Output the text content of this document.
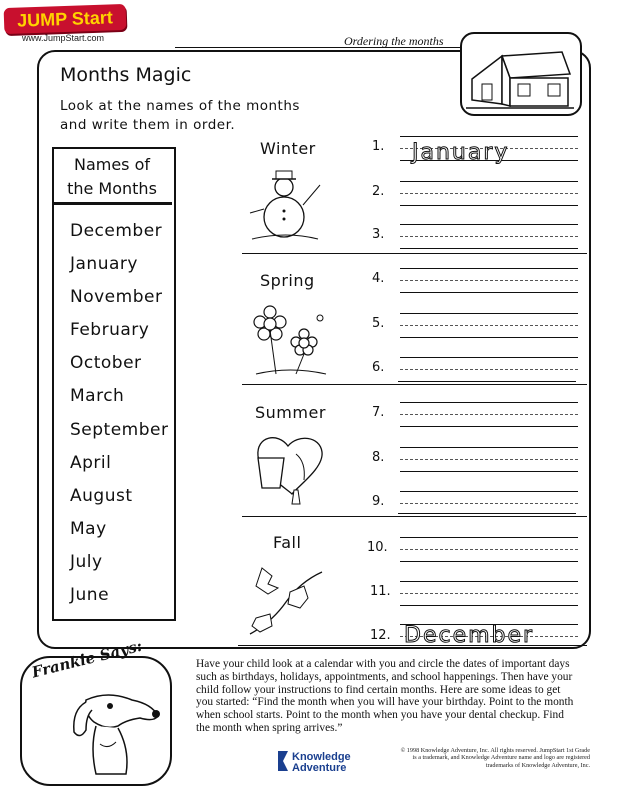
JUMP Start
www.JumpStart.com	Ordering the months
Months Magic
Look at the names of the months
and write them in order.
Names of
the Months
December
January
November
February
October
March
September
April
August
May
July
June
Winter
Spring
Summer
Fall
1.
2.
3.
4.
5.
6.
7.
8.
9.
10.
11.
12.
January
December
Frankie Says:	Have your child look at a calendar with you and circle the dates of important days such as birthdays, holidays, appointments, and school happenings. Then have your child follow your instructions to find certain months. Here are some ideas to get you started: “Find the month when you will have your birthday. Point to the month when school starts. Point to the month when you have your dental checkup. Find the month when spring arrives.”
Knowledge
Adventure
© 1998 Knowledge Adventure, Inc. All rights reserved. JumpStart 1st Grade is a trademark, and Knowledge Adventure name and logo are registered trademarks of Knowledge Adventure, Inc.
